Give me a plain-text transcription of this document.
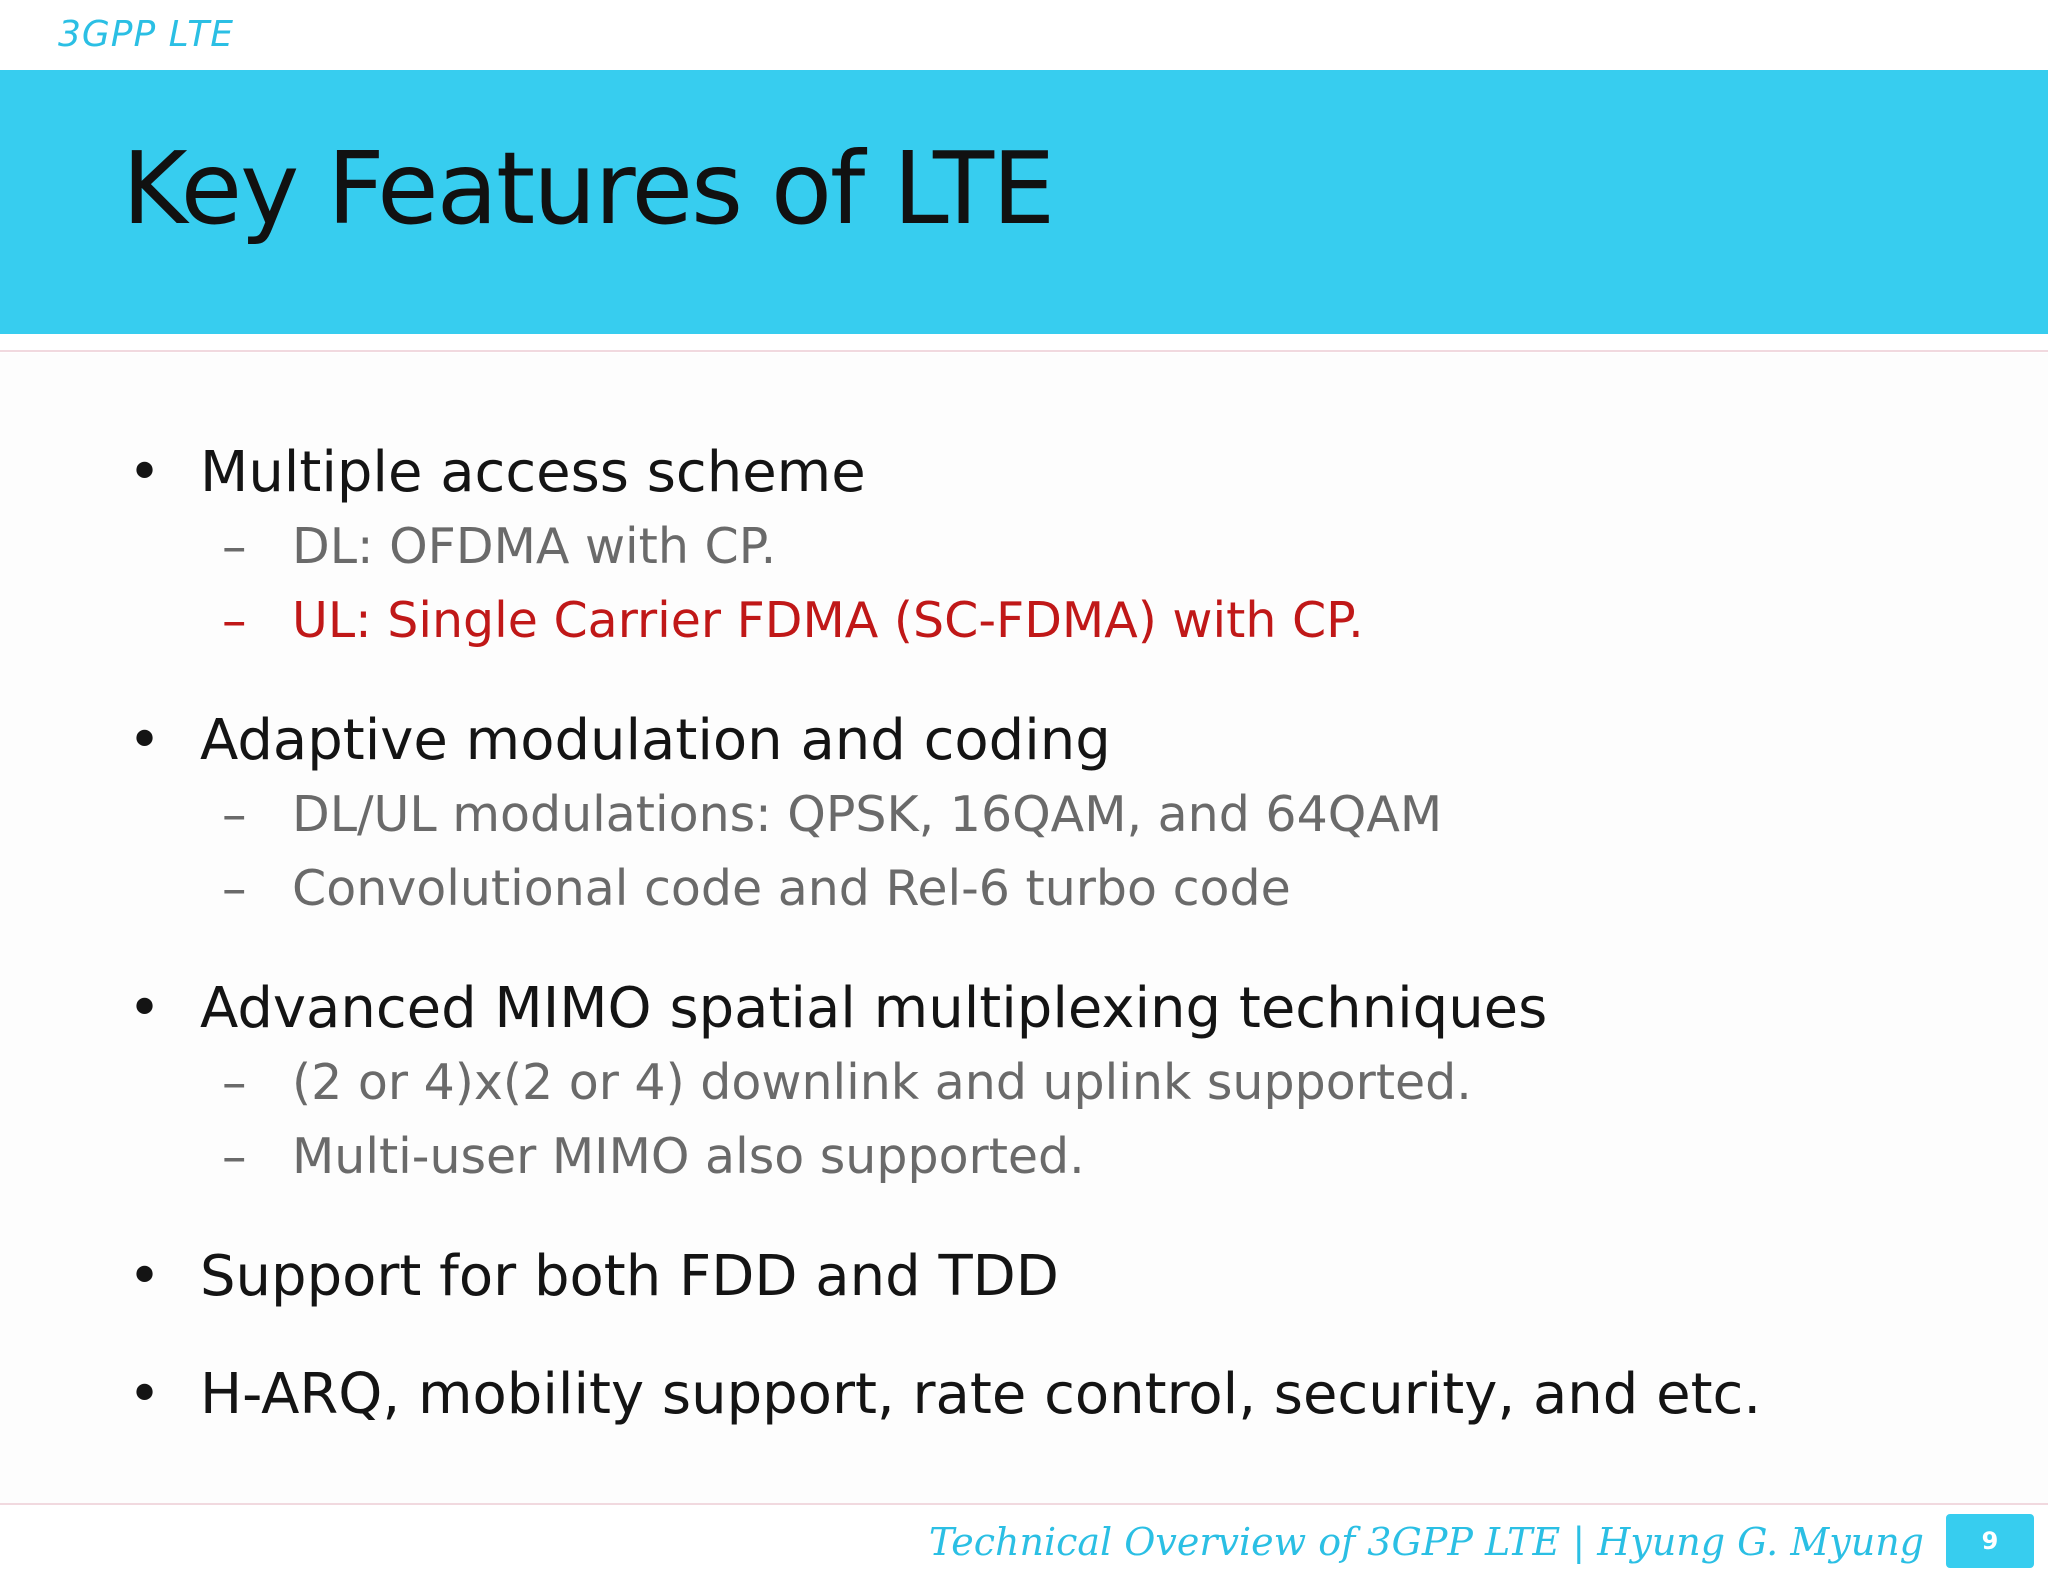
3GPP LTE
Key Features of LTE
• Multiple access scheme
– DL: OFDMA with CP.
– UL: Single Carrier FDMA (SC-FDMA) with CP.
• Adaptive modulation and coding
– DL/UL modulations: QPSK, 16QAM, and 64QAM
– Convolutional code and Rel-6 turbo code
• Advanced MIMO spatial multiplexing techniques
– (2 or 4)x(2 or 4) downlink and uplink supported.
– Multi-user MIMO also supported.
• Support for both FDD and TDD
• H-ARQ, mobility support, rate control, security, and etc.
Technical Overview of 3GPP LTE | Hyung G. Myung	9
